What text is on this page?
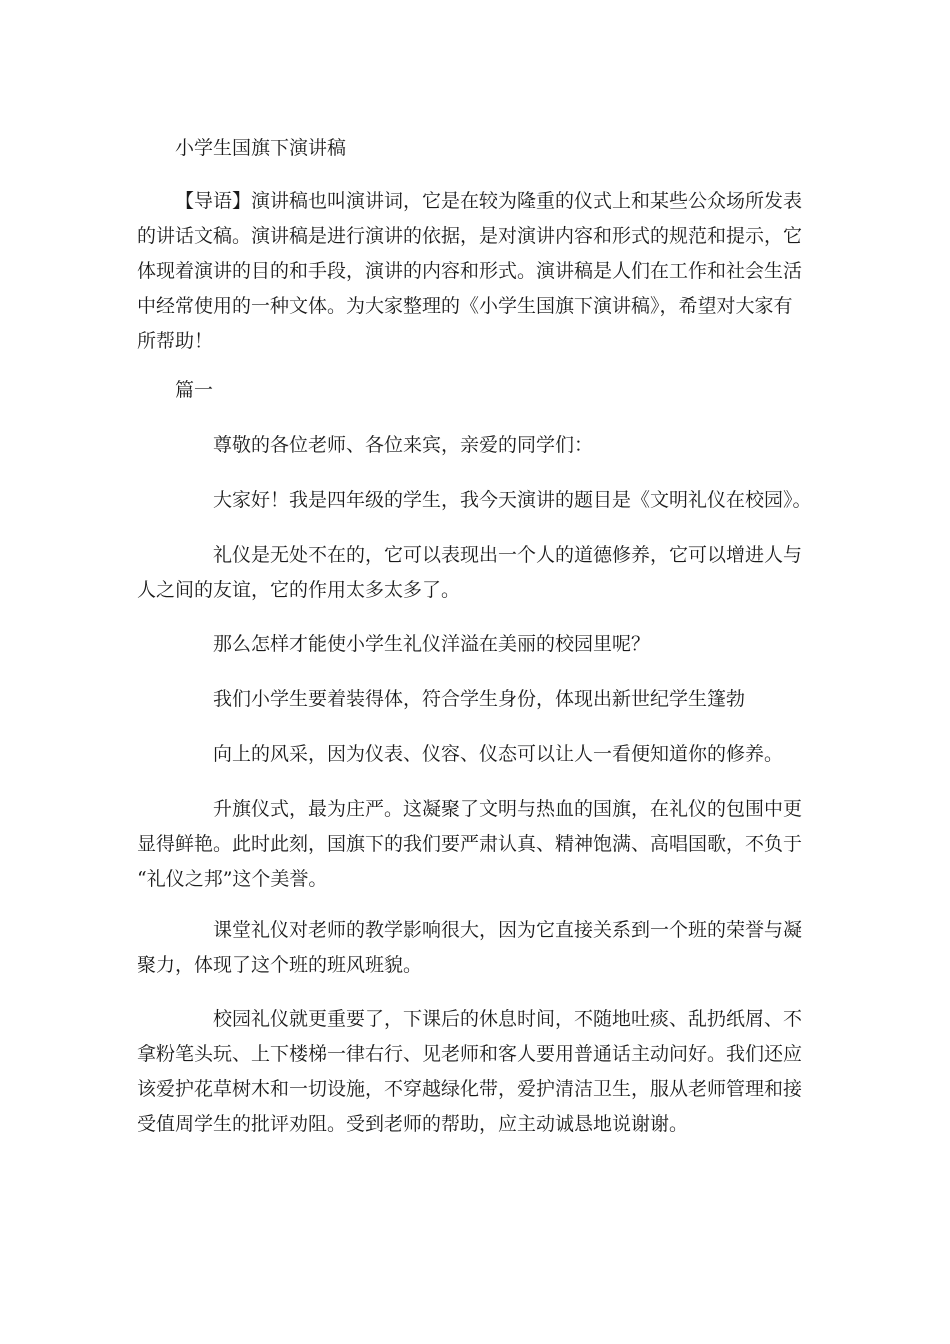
小学生国旗下演讲稿

【导语】演讲稿也叫演讲词，它是在较为隆重的仪式上和某些公众场所发表
的讲话文稿。演讲稿是进行演讲的依据，是对演讲内容和形式的规范和提示，它
体现着演讲的目的和手段，演讲的内容和形式。演讲稿是人们在工作和社会生活
中经常使用的一种文体。为大家整理的《小学生国旗下演讲稿》，希望对大家有
所帮助！

篇一

尊敬的各位老师、各位来宾，亲爱的同学们：

大家好！我是四年级的学生，我今天演讲的题目是《文明礼仪在校园》。

礼仪是无处不在的，它可以表现出一个人的道德修养，它可以增进人与
人之间的友谊，它的作用太多太多了。

那么怎样才能使小学生礼仪洋溢在美丽的校园里呢？

我们小学生要着装得体，符合学生身份，体现出新世纪学生篷勃

向上的风采，因为仪表、仪容、仪态可以让人一看便知道你的修养。

升旗仪式，最为庄严。这凝聚了文明与热血的国旗，在礼仪的包围中更
显得鲜艳。此时此刻，国旗下的我们要严肃认真、精神饱满、高唱国歌，不负于
“礼仪之邦”这个美誉。

课堂礼仪对老师的教学影响很大，因为它直接关系到一个班的荣誉与凝
聚力，体现了这个班的班风班貌。

校园礼仪就更重要了，下课后的休息时间，不随地吐痰、乱扔纸屑、不
拿粉笔头玩、上下楼梯一律右行、见老师和客人要用普通话主动问好。我们还应
该爱护花草树木和一切设施，不穿越绿化带，爱护清洁卫生，服从老师管理和接
受值周学生的批评劝阻。受到老师的帮助，应主动诚恳地说谢谢。
